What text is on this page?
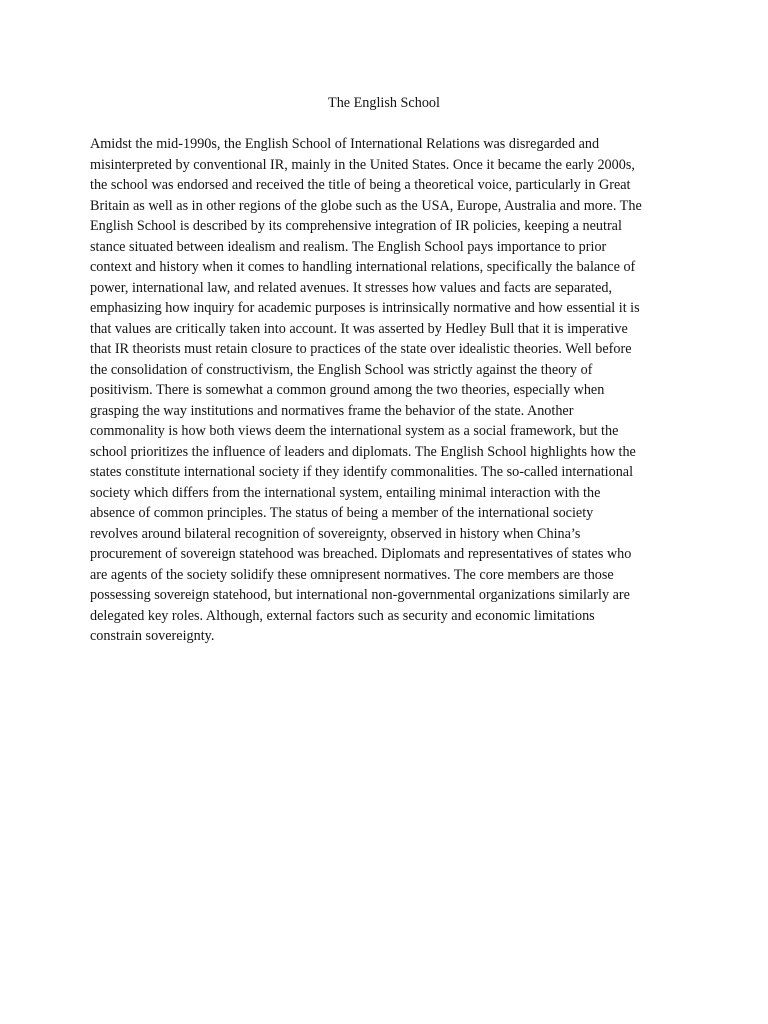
The English School
Amidst the mid-1990s, the English School of International Relations was disregarded and
misinterpreted by conventional IR, mainly in the United States. Once it became the early 2000s,
the school was endorsed and received the title of being a theoretical voice, particularly in Great
Britain as well as in other regions of the globe such as the USA, Europe, Australia and more. The
English School is described by its comprehensive integration of IR policies, keeping a neutral
stance situated between idealism and realism. The English School pays importance to prior
context and history when it comes to handling international relations, specifically the balance of
power, international law, and related avenues. It stresses how values and facts are separated,
emphasizing how inquiry for academic purposes is intrinsically normative and how essential it is
that values are critically taken into account. It was asserted by Hedley Bull that it is imperative
that IR theorists must retain closure to practices of the state over idealistic theories. Well before
the consolidation of constructivism, the English School was strictly against the theory of
positivism. There is somewhat a common ground among the two theories, especially when
grasping the way institutions and normatives frame the behavior of the state. Another
commonality is how both views deem the international system as a social framework, but the
school prioritizes the influence of leaders and diplomats. The English School highlights how the
states constitute international society if they identify commonalities. The so-called international
society which differs from the international system, entailing minimal interaction with the
absence of common principles. The status of being a member of the international society
revolves around bilateral recognition of sovereignty, observed in history when China’s
procurement of sovereign statehood was breached. Diplomats and representatives of states who
are agents of the society solidify these omnipresent normatives. The core members are those
possessing sovereign statehood, but international non-governmental organizations similarly are
delegated key roles. Although, external factors such as security and economic limitations
constrain sovereignty.
